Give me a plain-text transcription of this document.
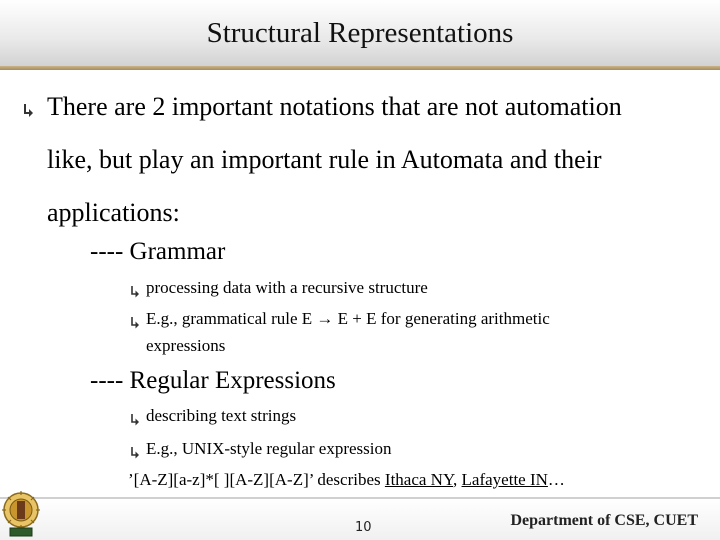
Structural Representations
There are 2 important notations that are not automation
like, but play an important rule in Automata and their
applications:
---- Grammar
processing data with a recursive structure
E.g., grammatical rule E → E + E for generating arithmetic
expressions
---- Regular Expressions
describing text strings
E.g., UNIX-style regular expression
’[A-Z][a-z]*[ ][A-Z][A-Z]’ describes Ithaca NY, Lafayette IN…
10	Department of CSE, CUET
